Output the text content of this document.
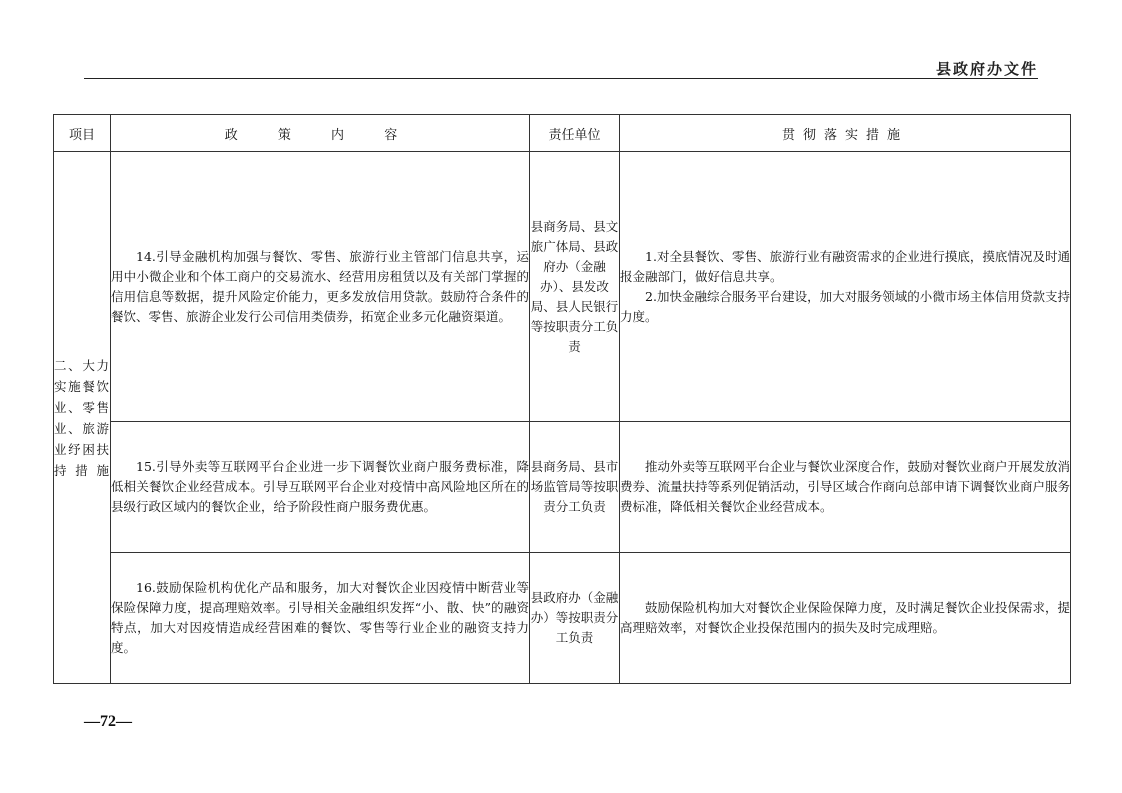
县政府办文件
项目	政 策 内 容	责任单位	贯彻落实措施
二、大力实施餐饮业、零售业、旅游业纾困扶持措施	14.引导金融机构加强与餐饮、零售、旅游行业主管部门信息共享，运用中小微企业和个体工商户的交易流水、经营用房租赁以及有关部门掌握的信用信息等数据，提升风险定价能力，更多发放信用贷款。鼓励符合条件的餐饮、零售、旅游企业发行公司信用类债券，拓宽企业多元化融资渠道。	县商务局、县文旅广体局、县政府办（金融办）、县发改局、县人民银行等按职责分工负责	1.对全县餐饮、零售、旅游行业有融资需求的企业进行摸底，摸底情况及时通报金融部门，做好信息共享。

2.加快金融综合服务平台建设，加大对服务领域的小微市场主体信用贷款支持力度。

	15.引导外卖等互联网平台企业进一步下调餐饮业商户服务费标准，降低相关餐饮企业经营成本。引导互联网平台企业对疫情中高风险地区所在的县级行政区域内的餐饮企业，给予阶段性商户服务费优惠。	县商务局、县市场监管局等按职责分工负责	推动外卖等互联网平台企业与餐饮业深度合作，鼓励对餐饮业商户开展发放消费券、流量扶持等系列促销活动，引导区域合作商向总部申请下调餐饮业商户服务费标准，降低相关餐饮企业经营成本。

	16.鼓励保险机构优化产品和服务，加大对餐饮企业因疫情中断营业等保险保障力度，提高理赔效率。引导相关金融组织发挥“小、散、快”的融资特点，加大对因疫情造成经营困难的餐饮、零售等行业企业的融资支持力度。	县政府办（金融办）等按职责分工负责	鼓励保险机构加大对餐饮企业保险保障力度，及时满足餐饮企业投保需求，提高理赔效率，对餐饮企业投保范围内的损失及时完成理赔。

—72—
